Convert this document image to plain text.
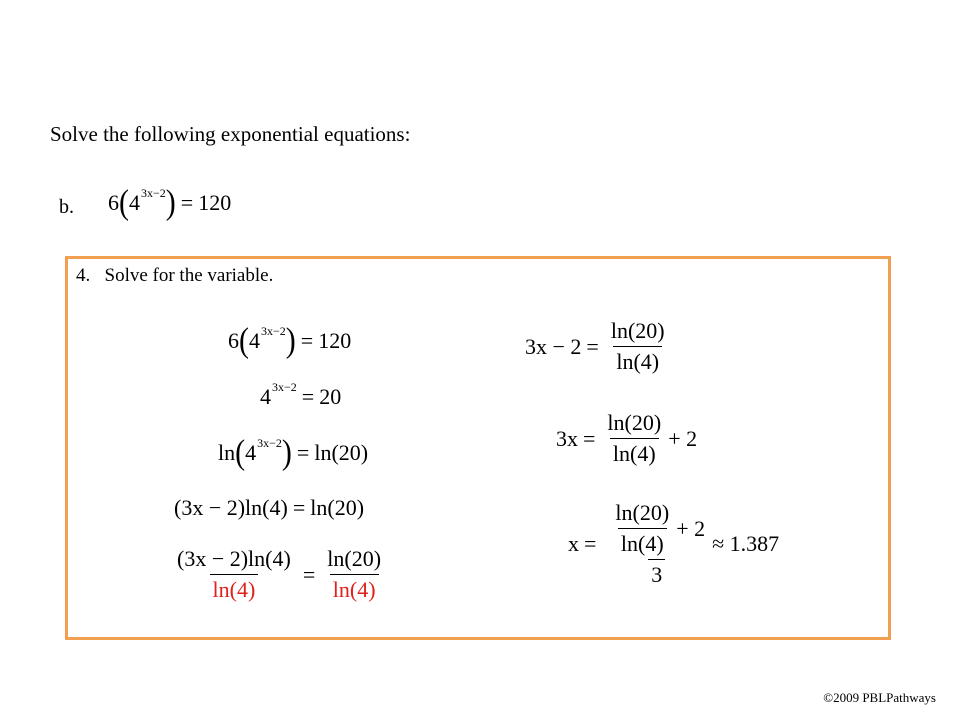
Solve the following exponential equations:
b. 6 ( 4 3x−2 ) = 120
4. Solve for the variable.
6 ( 4 3x−2 ) = 120
4 3x−2 = 20
ln ( 4 3x−2 ) = ln(20)
(3x − 2)ln(4) = ln(20)
$\frac{(3x - 2)\ln(4)}{\ln(4)} = \frac{\ln(20)}{\ln(4)}$
$3x - 2 = \frac{\ln(20)}{\ln(4)}$
$3x = \frac{\ln(20)}{\ln(4)} + 2$
$x = \frac{\frac{\ln(20)}{\ln(4)} + 2}{3} \approx 1.387$
©2009 PBLPathways
